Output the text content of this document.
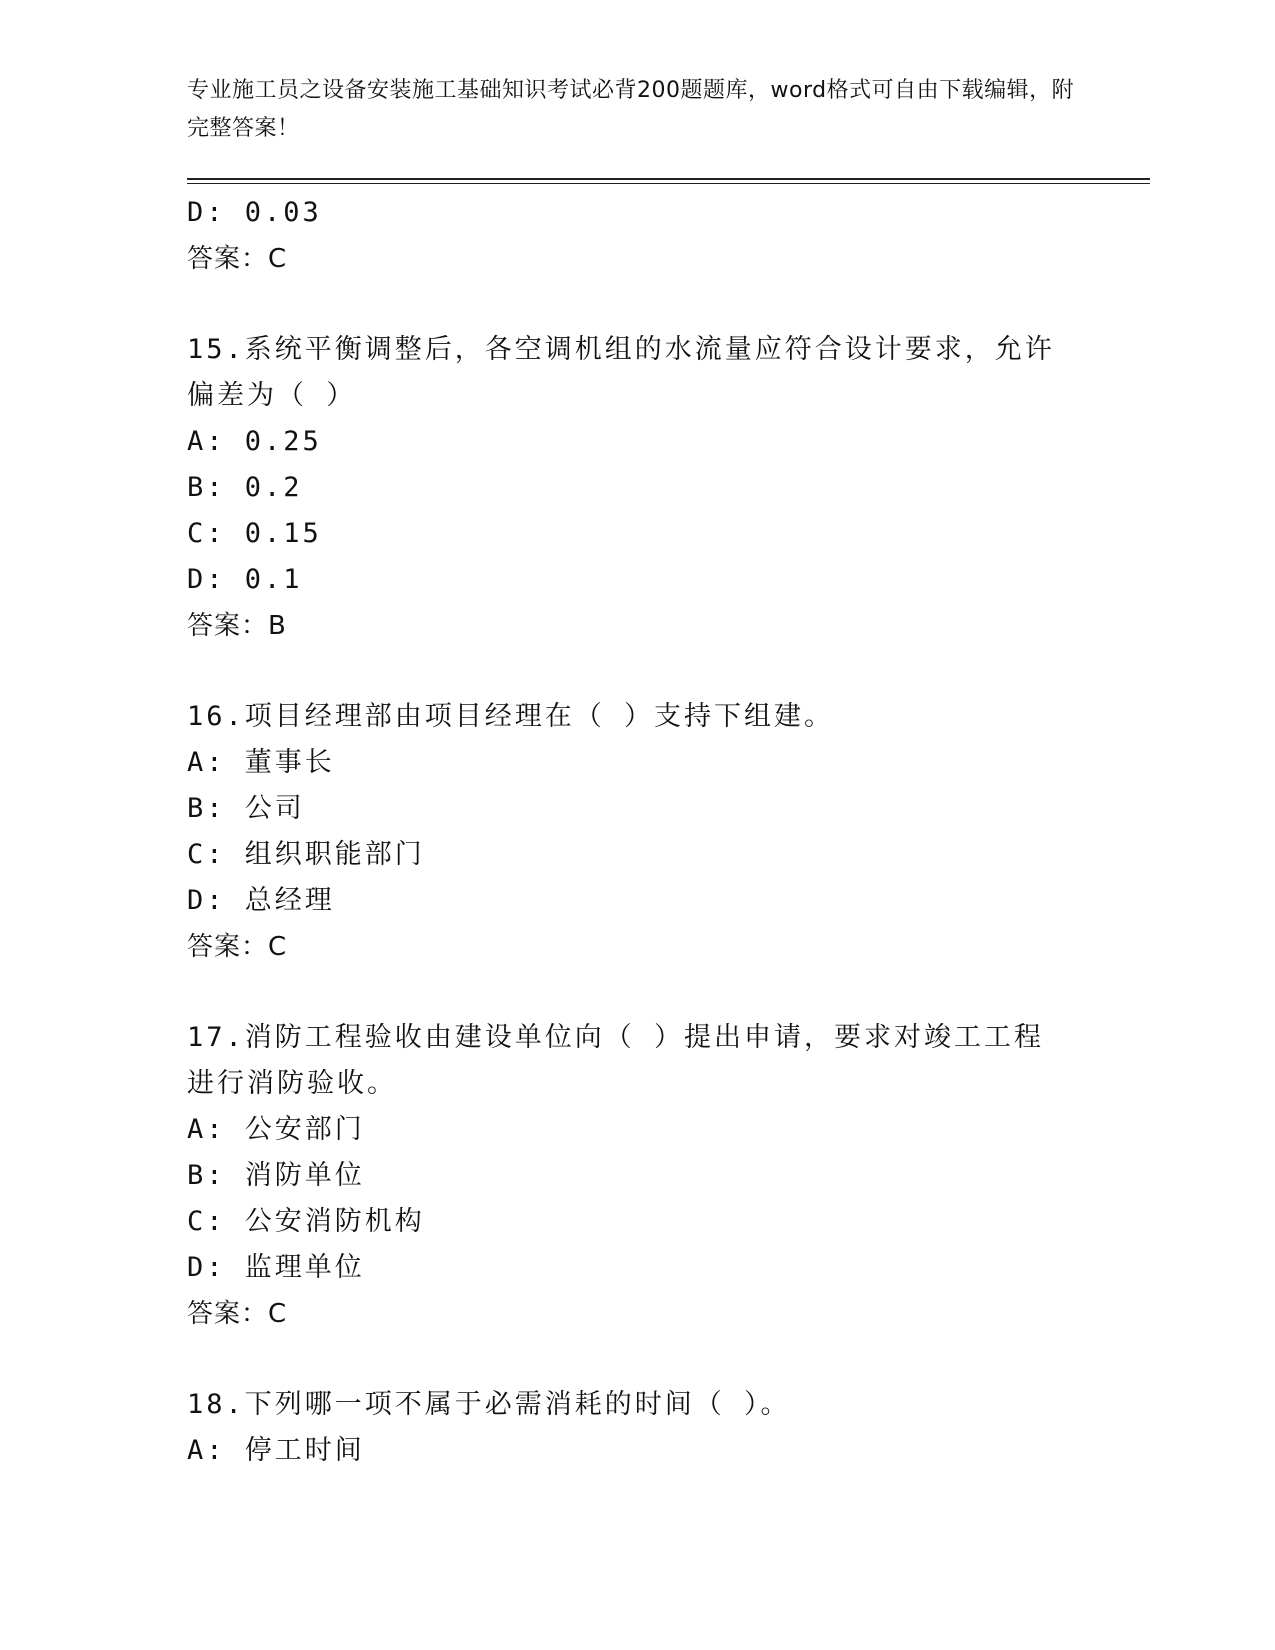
专业施工员之设备安装施工基础知识考试必背200题题库，word格式可自由下载编辑，附完整答案！
D: 0.03
答案：C
15.系统平衡调整后，各空调机组的水流量应符合设计要求，允许偏差为（ ）
A: 0.25
B: 0.2
C: 0.15
D: 0.1
答案：B
16.项目经理部由项目经理在（ ）支持下组建。
A: 董事长
B: 公司
C: 组织职能部门
D: 总经理
答案：C
17.消防工程验收由建设单位向（ ）提出申请，要求对竣工工程进行消防验收。
A: 公安部门
B: 消防单位
C: 公安消防机构
D: 监理单位
答案：C
18.下列哪一项不属于必需消耗的时间（ ）。
A: 停工时间
